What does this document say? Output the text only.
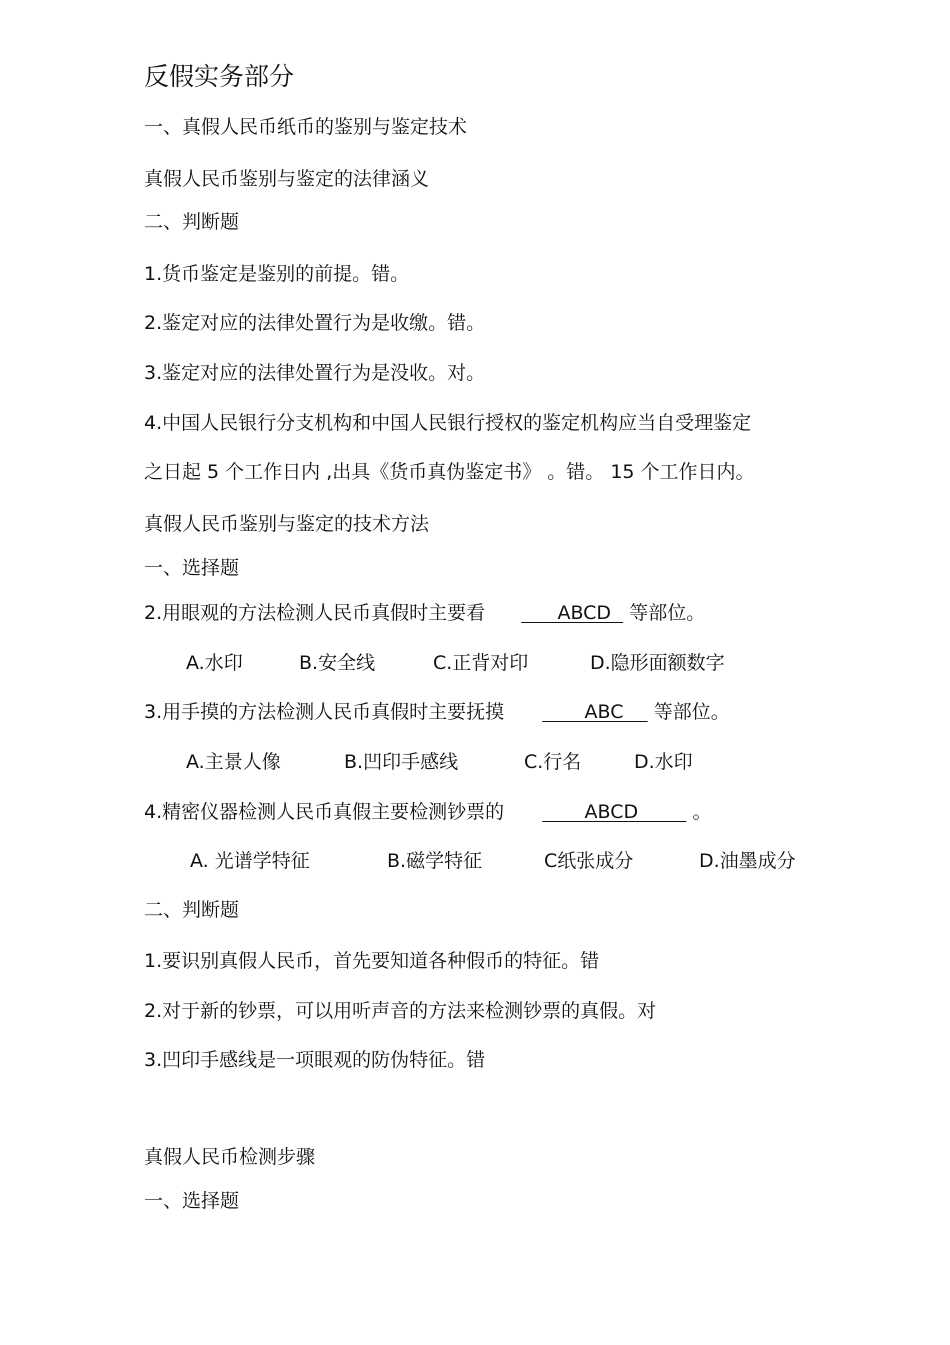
反假实务部分
一、真假人民币纸币的鉴别与鉴定技术
真假人民币鉴别与鉴定的法律涵义
二、判断题
1.货币鉴定是鉴别的前提。错。
2.鉴定对应的法律处置行为是收缴。错。
3.鉴定对应的法律处置行为是没收。对。
4.中国人民银行分支机构和中国人民银行授权的鉴定机构应当自受理鉴定
之日起 5 个工作日内 ,出具《货币真伪鉴定书》 。错。 15 个工作日内。
真假人民币鉴别与鉴定的技术方法
一、选择题
2.用眼观的方法检测人民币真假时主要看        ABCD   等部位。
A.水印	B.安全线	C.正背对印	D.隐形面额数字
3.用手摸的方法检测人民币真假时主要抚摸         ABC     等部位。
A.主景人像	B.凹印手感线	C.行名	D.水印
4.精密仪器检测人民币真假主要检测钞票的         ABCD         。
A. 光谱学特征	B.磁学特征	C纸张成分	D.油墨成分
二、判断题
1.要识别真假人民币，首先要知道各种假币的特征。错
2.对于新的钞票，可以用听声音的方法来检测钞票的真假。对
3.凹印手感线是一项眼观的防伪特征。错
真假人民币检测步骤
一、选择题
